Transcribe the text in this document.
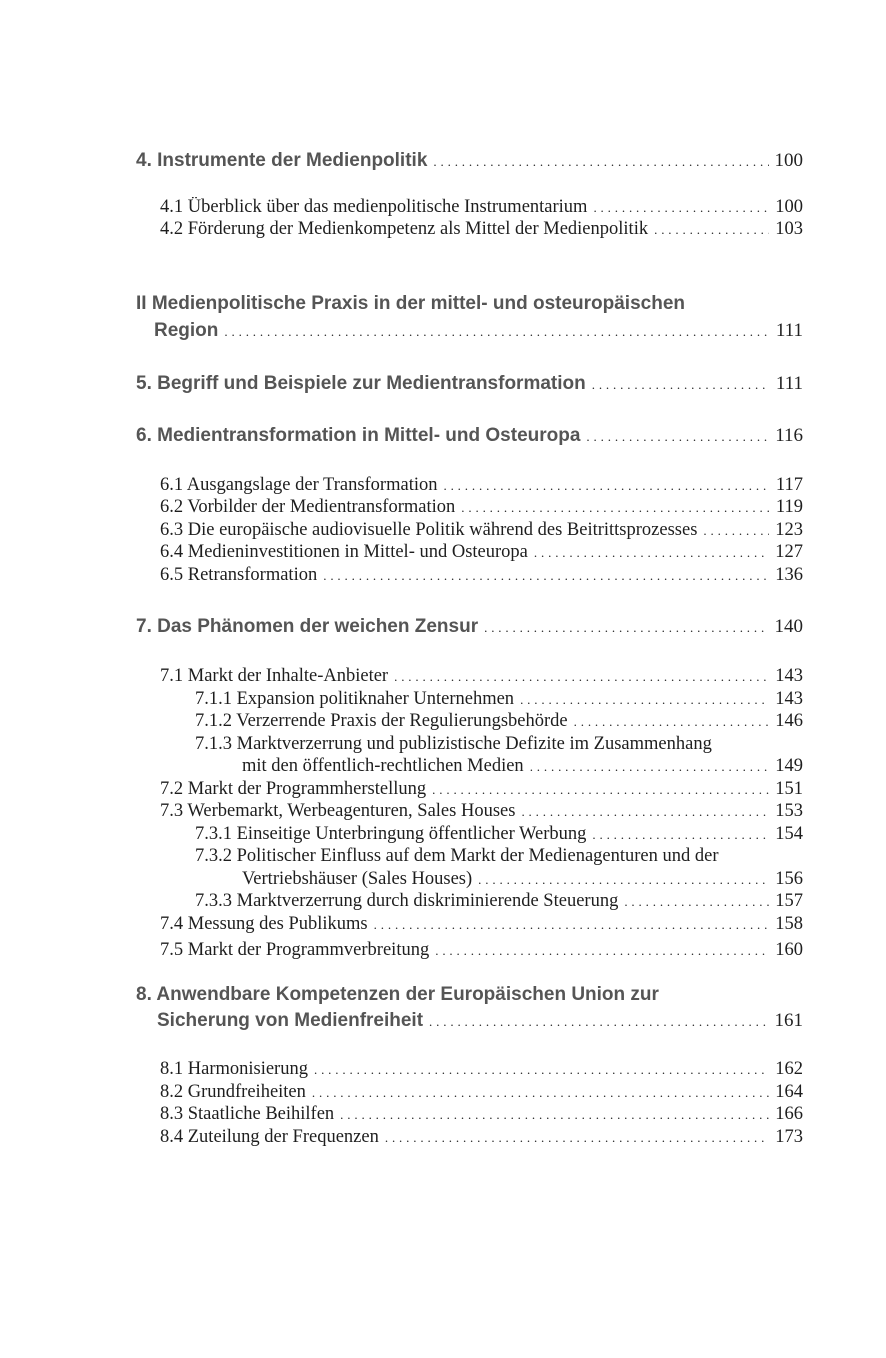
4. Instrumente der Medienpolitik . . .	100
4.1 Überblick über das medienpolitische Instrumentarium . . .	100
4.2 Förderung der Medienkompetenz als Mittel der Medienpolitik . . .	103
II Medienpolitische Praxis in der mittel- und osteuropäischen
Region . . .	111
5. Begriff und Beispiele zur Medientransformation . . .	111
6. Medientransformation in Mittel- und Osteuropa . . .	116
6.1 Ausgangslage der Transformation . . .	117
6.2 Vorbilder der Medientransformation . . .	119
6.3 Die europäische audiovisuelle Politik während des Beitrittsprozesses . . .	123
6.4 Medieninvestitionen in Mittel- und Osteuropa . . .	127
6.5 Retransformation . . .	136
7. Das Phänomen der weichen Zensur . . .	140
7.1 Markt der Inhalte-Anbieter . . .	143
7.1.1 Expansion politiknaher Unternehmen . . .	143
7.1.2 Verzerrende Praxis der Regulierungsbehörde . . .	146
7.1.3 Marktverzerrung und publizistische Defizite im Zusammenhang
mit den öffentlich-rechtlichen Medien . . .	149
7.2 Markt der Programmherstellung . . .	151
7.3 Werbemarkt, Werbeagenturen, Sales Houses . . .	153
7.3.1 Einseitige Unterbringung öffentlicher Werbung . . .	154
7.3.2 Politischer Einfluss auf dem Markt der Medienagenturen und der
Vertriebshäuser (Sales Houses) . . .	156
7.3.3 Marktverzerrung durch diskriminierende Steuerung . . .	157
7.4 Messung des Publikums . . .	158
7.5 Markt der Programmverbreitung . . .	160
8. Anwendbare Kompetenzen der Europäischen Union zur
Sicherung von Medienfreiheit . . .	161
8.1 Harmonisierung . . .	162
8.2 Grundfreiheiten . . .	164
8.3 Staatliche Beihilfen . . .	166
8.4 Zuteilung der Frequenzen . . .	173
